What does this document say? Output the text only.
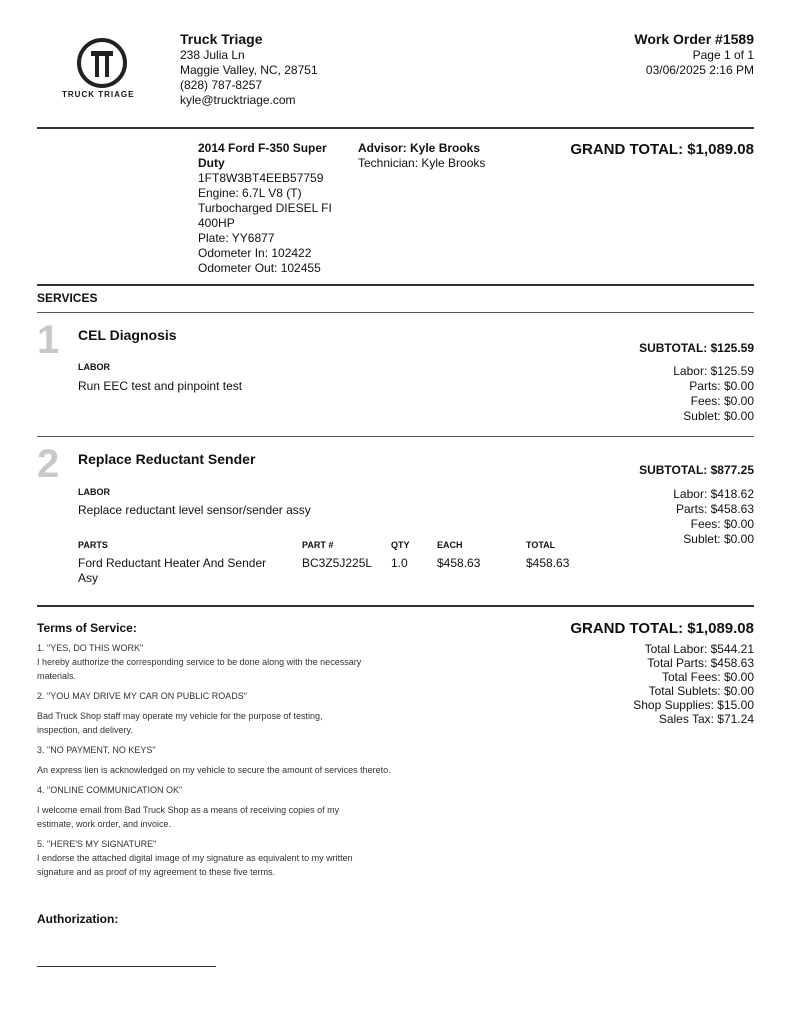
TRUCK TRIAGE
Truck Triage
238 Julia Ln
Maggie Valley, NC, 28751
(828) 787-8257
kyle@trucktriage.com
Work Order #1589
Page 1 of 1
03/06/2025 2:16 PM
2014 Ford F-350 Super Duty
1FT8W3BT4EEB57759
Engine: 6.7L V8 (T) Turbocharged DIESEL FI 400HP
Plate: YY6877
Odometer In: 102422
Odometer Out: 102455
Advisor: Kyle Brooks
Technician: Kyle Brooks
GRAND TOTAL: $1,089.08
SERVICES
1 CEL Diagnosis
SUBTOTAL: $125.59
LABOR
Run EEC test and pinpoint test
Labor: $125.59
Parts: $0.00
Fees: $0.00
Sublet: $0.00
2 Replace Reductant Sender
SUBTOTAL: $877.25
LABOR
Replace reductant level sensor/sender assy
Labor: $418.62
Parts: $458.63
Fees: $0.00
Sublet: $0.00
PARTS	PART #	QTY	EACH	TOTAL
Ford Reductant Heater And Sender Asy
BC3Z5J225L 1.0 $458.63	$458.63
Terms of Service:

1. "YES, DO THIS WORK"

I hereby authorize the corresponding service to be done along with the necessary materials.

2. "YOU MAY DRIVE MY CAR ON PUBLIC ROADS"

Bad Truck Shop staff may operate my vehicle for the purpose of testing, inspection, and delivery.

3. "NO PAYMENT, NO KEYS"

An express lien is acknowledged on my vehicle to secure the amount of services thereto.

4. "ONLINE COMMUNICATION OK"

I welcome email from Bad Truck Shop as a means of receiving copies of my estimate, work order, and invoice.

5. "HERE'S MY SIGNATURE"

I endorse the attached digital image of my signature as equivalent to my written signature and as proof of my agreement to these five terms.

GRAND TOTAL: $1,089.08
Total Labor: $544.21
Total Parts: $458.63
Total Fees: $0.00
Total Sublets: $0.00
Shop Supplies: $15.00
Sales Tax: $71.24
Authorization:
